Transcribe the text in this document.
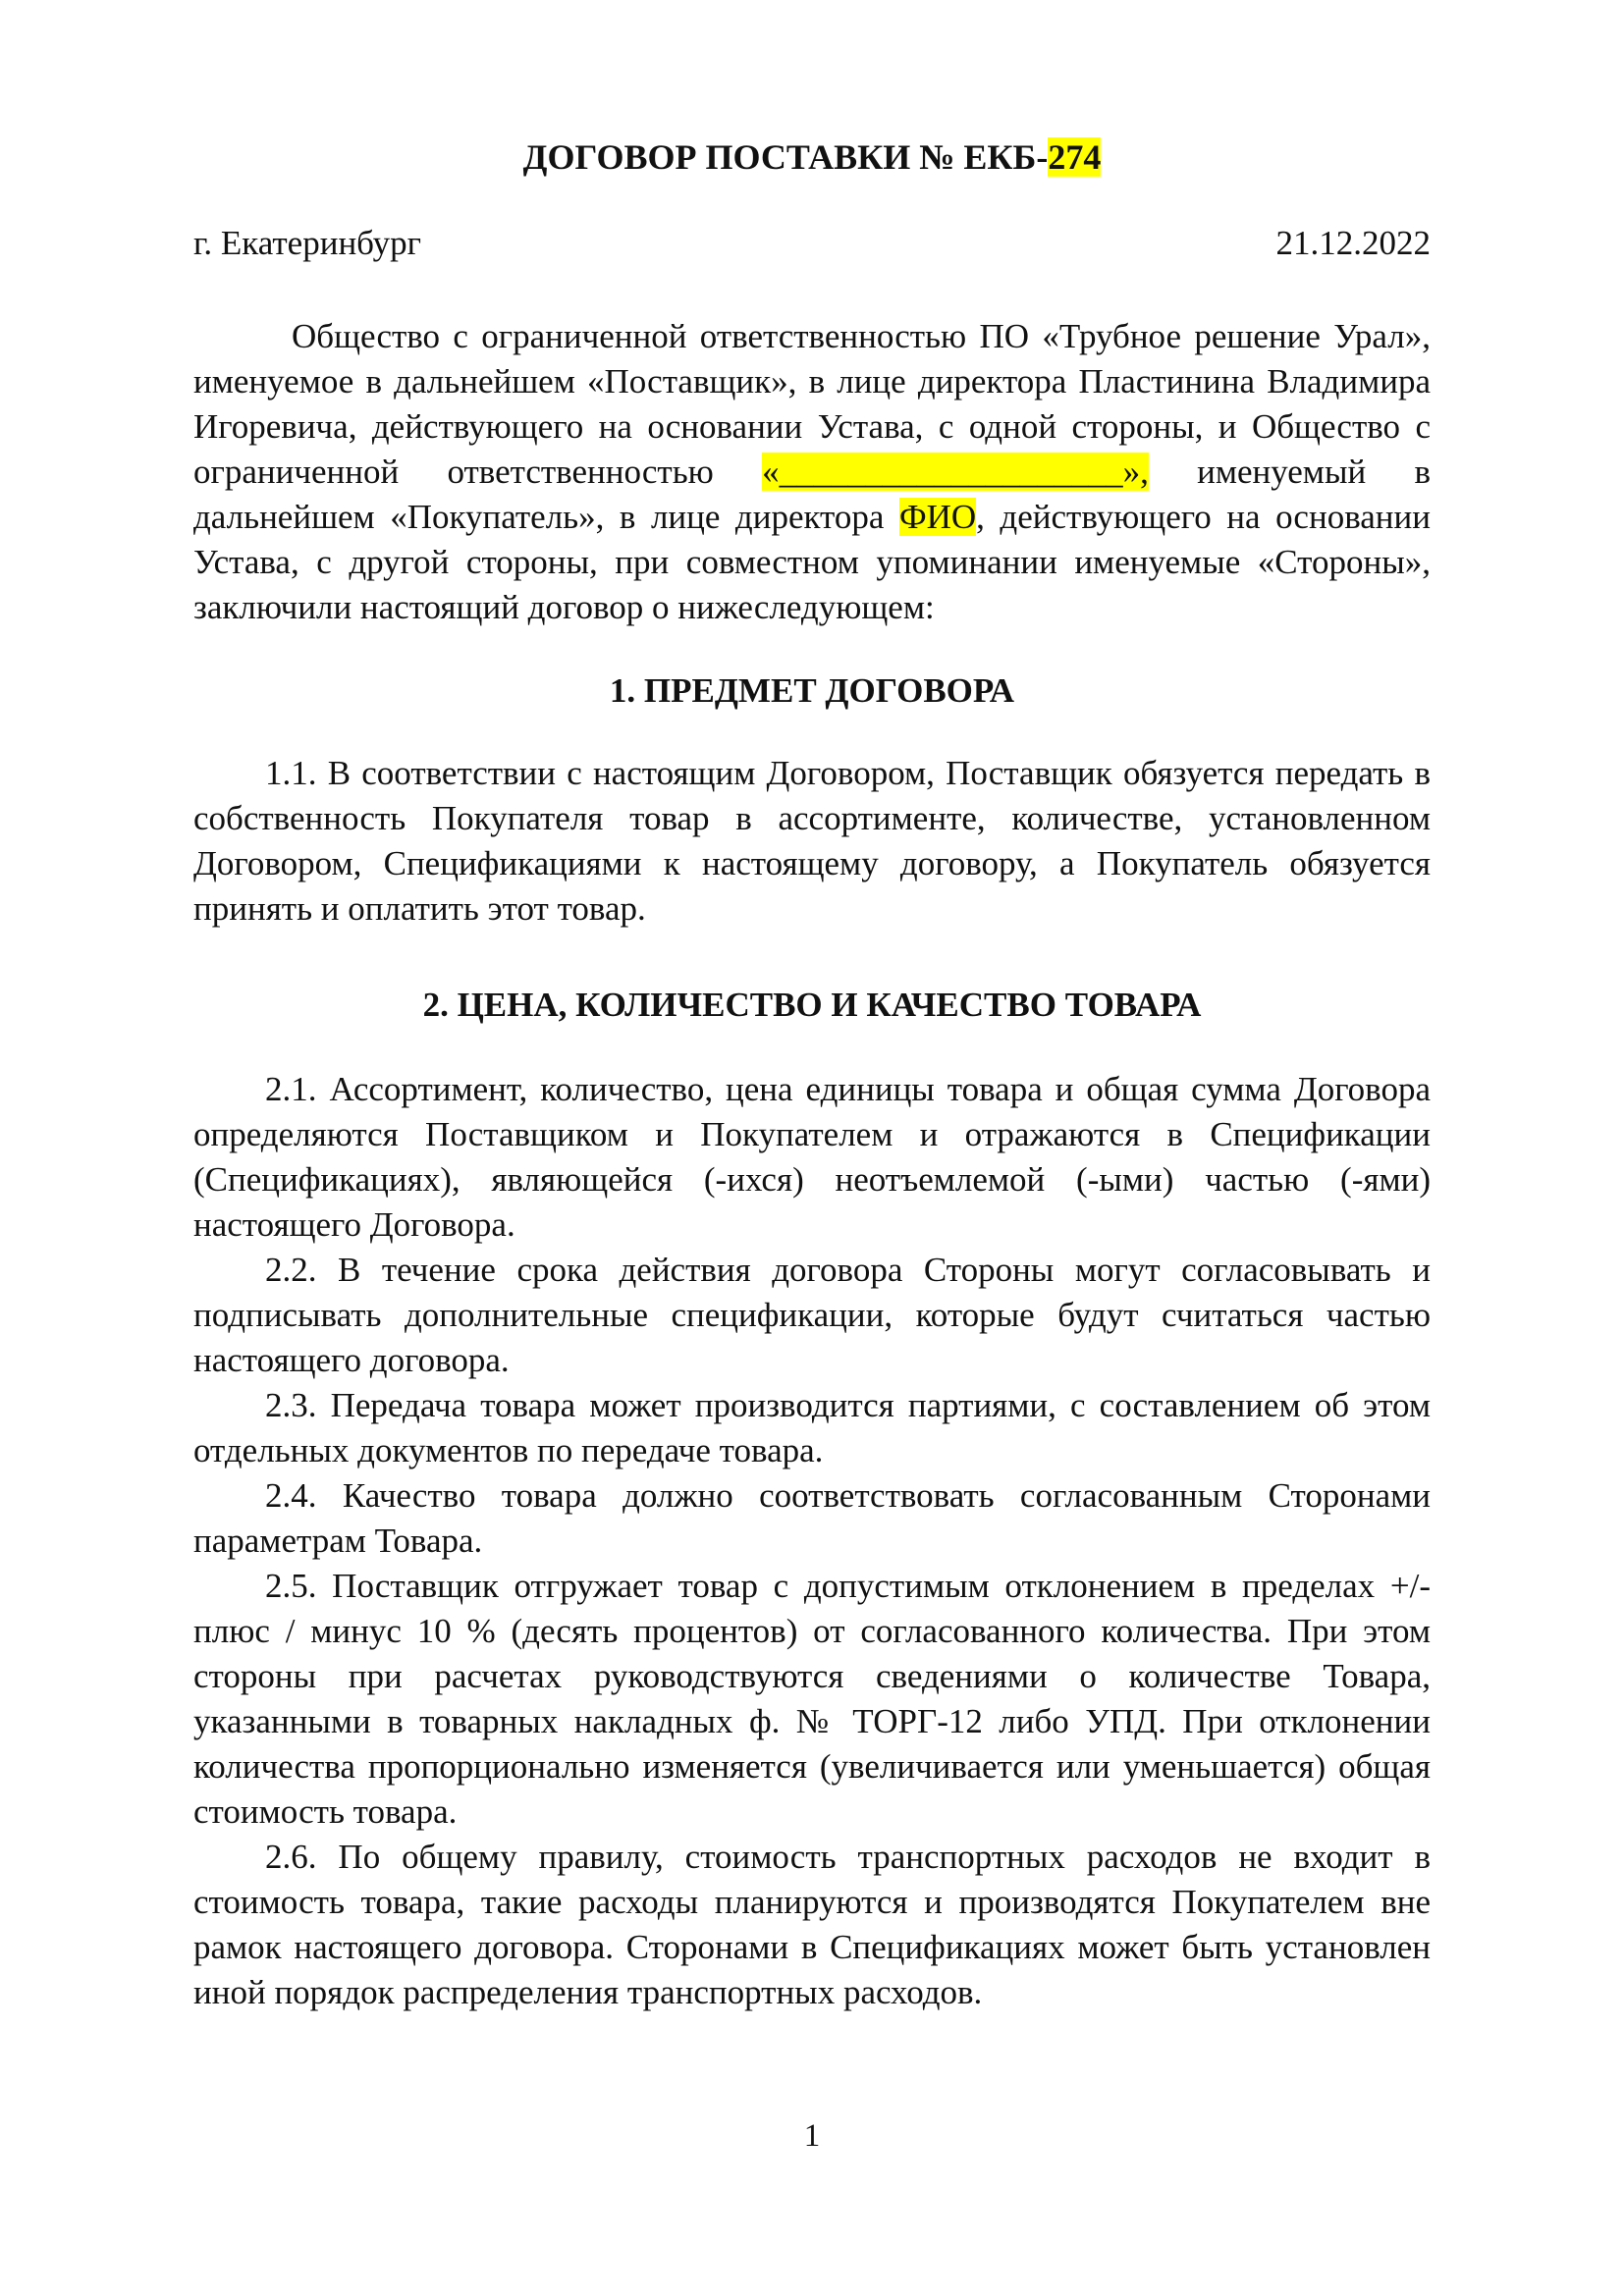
ДОГОВОР ПОСТАВКИ № ЕКБ-274
г. Екатеринбург	21.12.2022

Общество с ограниченной ответственностью ПО «Трубное решение Урал», именуемое в дальнейшем «Поставщик», в лице директора Пластинина Владимира Игоревича, действующего на основании Устава, с одной стороны, и Общество с ограниченной ответственностью «____________________», именуемый в дальнейшем «Покупатель», в лице директора ФИО, действующего на основании Устава, с другой стороны, при совместном упоминании именуемые «Стороны», заключили настоящий договор о нижеследующем:

1. ПРЕДМЕТ ДОГОВОРА

1.1. В соответствии с настоящим Договором, Поставщик обязуется передать в собственность Покупателя товар в ассортименте, количестве, установленном Договором, Спецификациями к настоящему договору, а Покупатель обязуется принять и оплатить этот товар.

2. ЦЕНА, КОЛИЧЕСТВО И КАЧЕСТВО ТОВАРА

2.1. Ассортимент, количество, цена единицы товара и общая сумма Договора определяются Поставщиком и Покупателем и отражаются в Спецификации (Спецификациях), являющейся (-ихся) неотъемлемой (-ыми) частью (-ями) настоящего Договора.

2.2. В течение срока действия договора Стороны могут согласовывать и подписывать дополнительные спецификации, которые будут считаться частью настоящего договора.

2.3. Передача товара может производится партиями, с составлением об этом отдельных документов по передаче товара.

2.4. Качество товара должно соответствовать согласованным Сторонами параметрам Товара.

2.5. Поставщик отгружает товар с допустимым отклонением в пределах +/- плюс / минус 10 % (десять процентов) от согласованного количества. При этом стороны при расчетах руководствуются сведениями о количестве Товара, указанными в товарных накладных ф. № ТОРГ-12 либо УПД. При отклонении количества пропорционально изменяется (увеличивается или уменьшается) общая стоимость товара.

2.6. По общему правилу, стоимость транспортных расходов не входит в стоимость товара, такие расходы планируются и производятся Покупателем вне рамок настоящего договора. Сторонами в Спецификациях может быть установлен иной порядок распределения транспортных расходов.

1
